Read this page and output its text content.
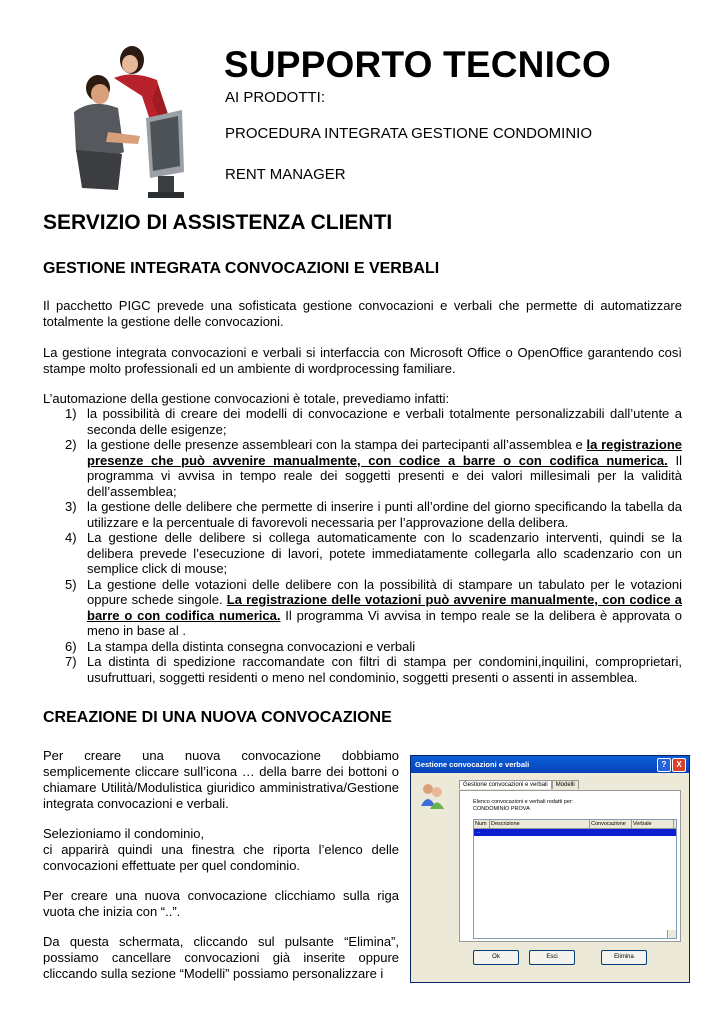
SUPPORTO TECNICO
AI PRODOTTI:
PROCEDURA INTEGRATA GESTIONE CONDOMINIO
RENT MANAGER
SERVIZIO DI ASSISTENZA CLIENTI
GESTIONE INTEGRATA CONVOCAZIONI E VERBALI
Il pacchetto PIGC prevede una sofisticata gestione convocazioni e verbali che permette di automatizzare totalmente la gestione delle convocazioni.
La gestione integrata convocazioni e verbali si interfaccia con Microsoft Office o OpenOffice garantendo così stampe molto professionali ed un ambiente di wordprocessing familiare.
L’automazione della gestione convocazioni è totale, prevediamo infatti:
1) la possibilità di creare dei modelli di convocazione e verbali totalmente personalizzabili dall’utente a seconda delle esigenze;
2) la gestione delle presenze assembleari con la stampa dei partecipanti all’assemblea e la registrazione presenze che può avvenire manualmente, con codice a barre o con codifica numerica. Il programma vi avvisa in tempo reale dei soggetti presenti e dei valori millesimali per la validità dell’assemblea;
3) la gestione delle delibere che permette di inserire i punti all’ordine del giorno specificando la tabella da utilizzare e la percentuale di favorevoli necessaria per l’approvazione della delibera.
4) La gestione delle delibere si collega automaticamente con lo scadenzario interventi, quindi se la delibera prevede l’esecuzione di lavori, potete immediatamente collegarla allo scadenzario con un semplice click di mouse;
5) La gestione delle votazioni delle delibere con la possibilità di stampare un tabulato per le votazioni oppure schede singole. La registrazione delle votazioni può avvenire manualmente, con codice a barre o con codifica numerica. Il programma Vi avvisa in tempo reale se la delibera è approvata o meno in base al .
6) La stampa della distinta consegna convocazioni e verbali
7) La distinta di spedizione raccomandate con filtri di stampa per condomini,inquilini, comproprietari, usufruttuari, soggetti residenti o meno nel condominio, soggetti presenti o assenti in assemblea.
CREAZIONE DI UNA NUOVA CONVOCAZIONE
Per creare una nuova convocazione dobbiamo semplicemente cliccare sull’icona … della barre dei bottoni o chiamare Utilità/Modulistica giuridico amministrativa/Gestione integrata convocazioni e verbali.
Selezioniamo il condominio,
ci apparirà quindi una finestra che riporta l’elenco delle convocazioni effettuate per quel condominio.
Per creare una nuova convocazione clicchiamo sulla riga vuota che inizia con “..”.
Da questa schermata, cliccando sul pulsante “Elimina”, possiamo cancellare convocazioni già inserite oppure cliccando sulla sezione “Modelli” possiamo personalizzare i
Gestione convocazioni e verbali	?	X
Gestione convocazioni e verbali Modelli
Elenco convocazioni e verbali redatti per:
CONDOMINIO PROVA
Num Descrizione	Convocazione	Verbale
..
Ok	Esci	Elimina
